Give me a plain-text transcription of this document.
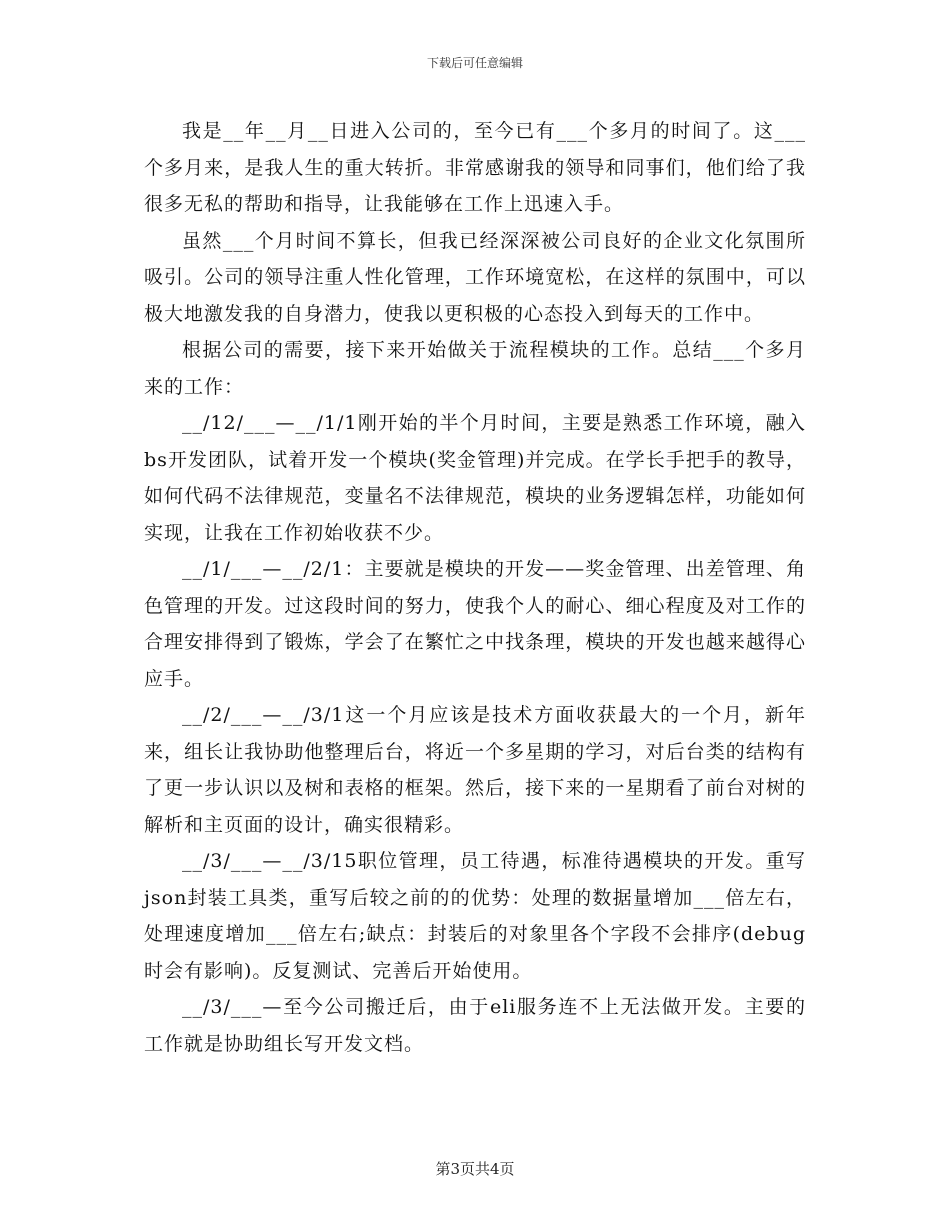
下载后可任意编辑

我是__年__月__日进入公司的，至今已有___个多月的时间了。这___个多月来，是我人生的重大转折。非常感谢我的领导和同事们，他们给了我很多无私的帮助和指导，让我能够在工作上迅速入手。

虽然___个月时间不算长，但我已经深深被公司良好的企业文化氛围所吸引。公司的领导注重人性化管理，工作环境宽松，在这样的氛围中，可以极大地激发我的自身潜力，使我以更积极的心态投入到每天的工作中。

根据公司的需要，接下来开始做关于流程模块的工作。总结___个多月来的工作：

__/12/___—__/1/1刚开始的半个月时间，主要是熟悉工作环境，融入bs开发团队，试着开发一个模块(奖金管理)并完成。在学长手把手的教导，如何代码不法律规范，变量名不法律规范，模块的业务逻辑怎样，功能如何实现，让我在工作初始收获不少。

__/1/___—__/2/1：主要就是模块的开发——奖金管理、出差管理、角色管理的开发。过这段时间的努力，使我个人的耐心、细心程度及对工作的合理安排得到了锻炼，学会了在繁忙之中找条理，模块的开发也越来越得心应手。

__/2/___—__/3/1这一个月应该是技术方面收获最大的一个月，新年来，组长让我协助他整理后台，将近一个多星期的学习，对后台类的结构有了更一步认识以及树和表格的框架。然后，接下来的一星期看了前台对树的解析和主页面的设计，确实很精彩。

__/3/___—__/3/15职位管理，员工待遇，标准待遇模块的开发。重写json封装工具类，重写后较之前的的优势：处理的数据量增加___倍左右，处理速度增加___倍左右;缺点：封装后的对象里各个字段不会排序(debug时会有影响)。反复测试、完善后开始使用。

__/3/___—至今公司搬迁后，由于eli服务连不上无法做开发。主要的工作就是协助组长写开发文档。

第3页共4页
